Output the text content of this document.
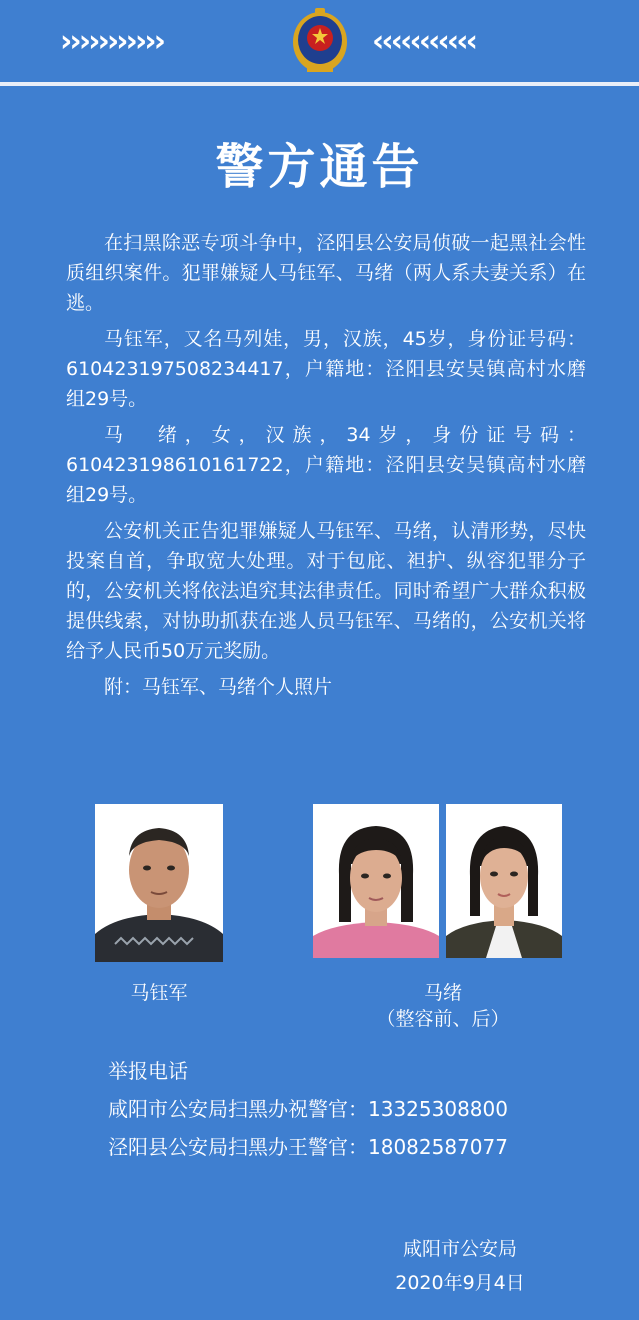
›››››››››››	‹‹‹‹‹‹‹‹‹‹‹
警方通告

在扫黑除恶专项斗争中，泾阳县公安局侦破一起黑社会性质组织案件。犯罪嫌疑人马钰军、马绪（两人系夫妻关系）在逃。

马钰军，又名马列娃，男，汉族，45岁，身份证号码：610423197508234417，户籍地：泾阳县安吴镇高村水磨组29号。

马　绪，女，汉族，34岁，身份证号码：610423198610161722，户籍地：泾阳县安吴镇高村水磨组29号。

公安机关正告犯罪嫌疑人马钰军、马绪，认清形势，尽快投案自首，争取宽大处理。对于包庇、袒护、纵容犯罪分子的，公安机关将依法追究其法律责任。同时希望广大群众积极提供线索，对协助抓获在逃人员马钰军、马绪的，公安机关将给予人民币50万元奖励。

附：马钰军、马绪个人照片

马钰军	马绪
（整容前、后）
举报电话
咸阳市公安局扫黑办祝警官：13325308800
泾阳县公安局扫黑办王警官：18082587077
咸阳市公安局
2020年9月4日
